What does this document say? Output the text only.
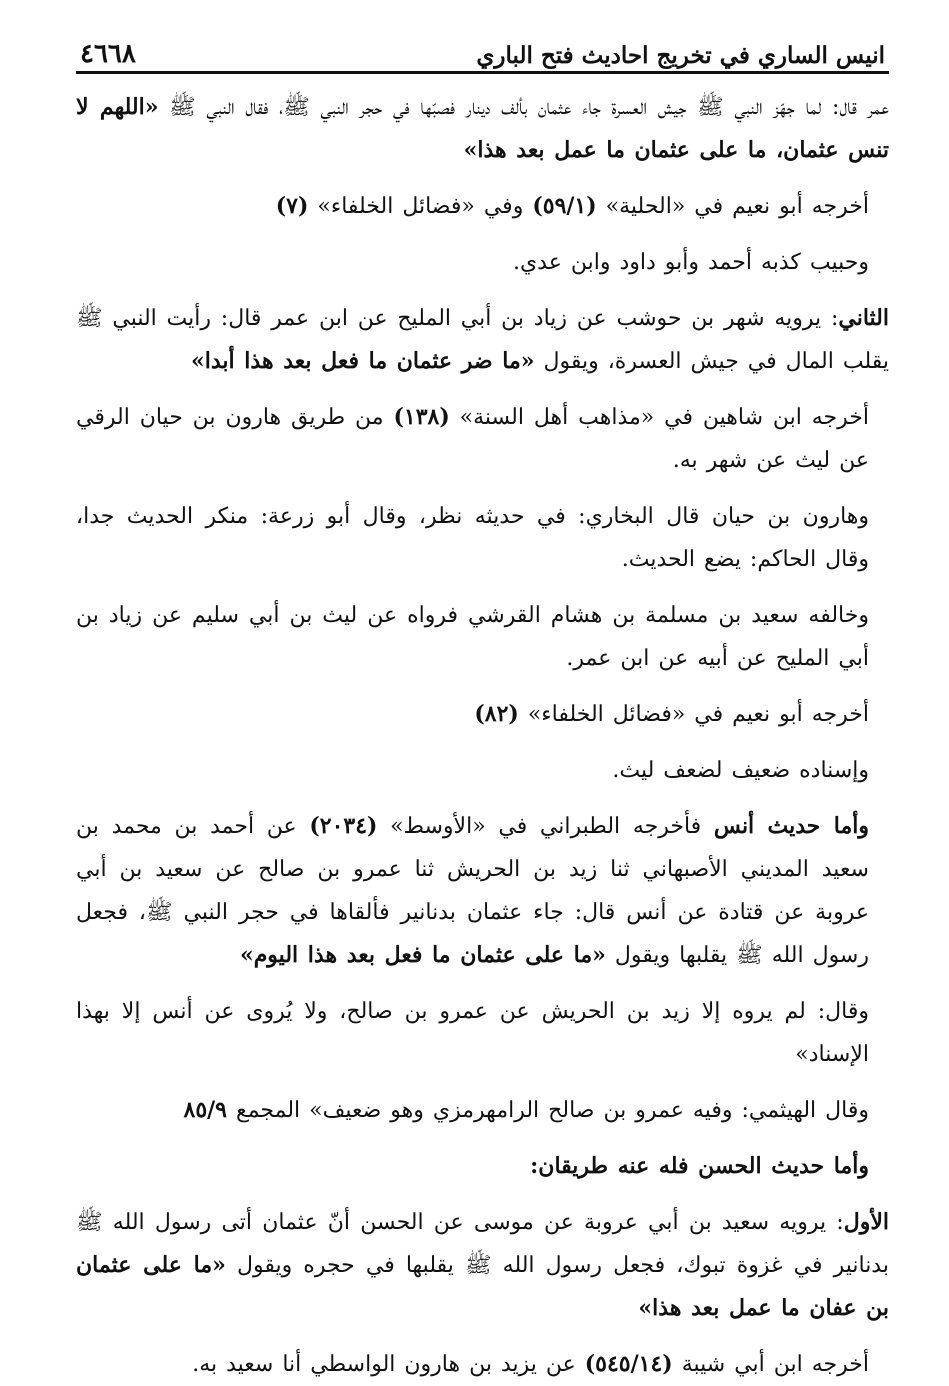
انيس الساري في تخريج احاديث فتح الباري
٤٦٦٨

عمر قال: لما جهّز النبي ﷺ جيش العسرة جاء عثمان بألف دينار فصبّها في حجر النبي ﷺ، فقال النبي ﷺ «اللهم لا تنس عثمان، ما على عثمان ما عمل بعد هذا»

أخرجه أبو نعيم في «الحلية» (٥٩/١) وفي «فضائل الخلفاء» (٧)

وحبيب كذبه أحمد وأبو داود وابن عدي.

الثاني: يرويه شهر بن حوشب عن زياد بن أبي المليح عن ابن عمر قال: رأيت النبي ﷺ يقلب المال في جيش العسرة، ويقول «ما ضر عثمان ما فعل بعد هذا أبدا»

أخرجه ابن شاهين في «مذاهب أهل السنة» (١٣٨) من طريق هارون بن حيان الرقي عن ليث عن شهر به.

وهارون بن حيان قال البخاري: في حديثه نظر، وقال أبو زرعة: منكر الحديث جدا، وقال الحاكم: يضع الحديث.

وخالفه سعيد بن مسلمة بن هشام القرشي فرواه عن ليث بن أبي سليم عن زياد بن أبي المليح عن أبيه عن ابن عمر.

أخرجه أبو نعيم في «فضائل الخلفاء» (٨٢)

وإسناده ضعيف لضعف ليث.

وأما حديث أنس فأخرجه الطبراني في «الأوسط» (٢٠٣٤) عن أحمد بن محمد بن سعيد المديني الأصبهاني ثنا زيد بن الحريش ثنا عمرو بن صالح عن سعيد بن أبي عروبة عن قتادة عن أنس قال: جاء عثمان بدنانير فألقاها في حجر النبي ﷺ، فجعل رسول الله ﷺ يقلبها ويقول «ما على عثمان ما فعل بعد هذا اليوم»

وقال: لم يروه إلا زيد بن الحريش عن عمرو بن صالح، ولا يُروى عن أنس إلا بهذا الإسناد»

وقال الهيثمي: وفيه عمرو بن صالح الرامهرمزي وهو ضعيف» المجمع ٨٥/٩

وأما حديث الحسن فله عنه طريقان:

الأول: يرويه سعيد بن أبي عروبة عن موسى عن الحسن أنّ عثمان أتى رسول الله ﷺ بدنانير في غزوة تبوك، فجعل رسول الله ﷺ يقلبها في حجره ويقول «ما على عثمان بن عفان ما عمل بعد هذا»

أخرجه ابن أبي شيبة (٥٤٥/١٤) عن يزيد بن هارون الواسطي أنا سعيد به.
